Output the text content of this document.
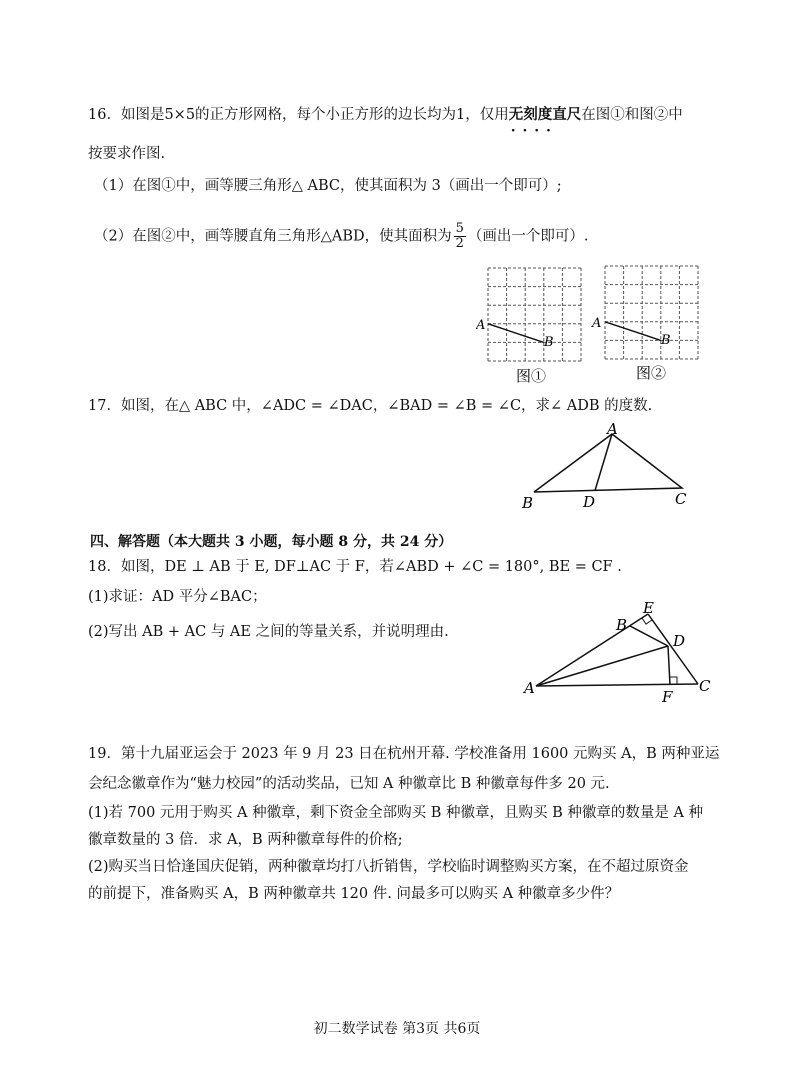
16．如图是5×5的正方形网格，每个小正方形的边长均为1，仅用无刻度直尺 · · 在图①和图②中
按要求作图.
（1）在图①中，画等腰三角形△ ABC，使其面积为 3（画出一个即可）;
（2）在图②中，画等腰直角三角形△ABD，使其面积为 $\frac{5}{2}$ （画出一个即可）.
A
B
图①
A
B
图②
17．如图，在△ ABC 中，∠ADC = ∠DAC，∠BAD = ∠B = ∠C，求∠ ADB 的度数.
A
B	C
D
四、解答题（本大题共 3 小题，每小题 8 分，共 24 分）
18．如图，DE ⊥ AB 于 E, DF⊥AC 于 F，若∠ABD + ∠C = 180°, BE = CF .
(1)求证：AD 平分∠BAC；
(2)写出 AB + AC 与 AE 之间的等量关系，并说明理由.
A
B
C
D
E
F
19．第十九届亚运会于 2023 年 9 月 23 日在杭州开幕. 学校准备用 1600 元购买 A，B 两种亚运
会纪念徽章作为“魅力校园”的活动奖品，已知 A 种徽章比 B 种徽章每件多 20 元.
(1)若 700 元用于购买 A 种徽章，剩下资金全部购买 B 种徽章，且购买 B 种徽章的数量是 A 种
徽章数量的 3 倍．求 A，B 两种徽章每件的价格;
(2)购买当日恰逢国庆促销，两种徽章均打八折销售，学校临时调整购买方案，在不超过原资金
的前提下，准备购买 A，B 两种徽章共 120 件. 问最多可以购买 A 种徽章多少件？
初二数学试卷 第3页 共6页
